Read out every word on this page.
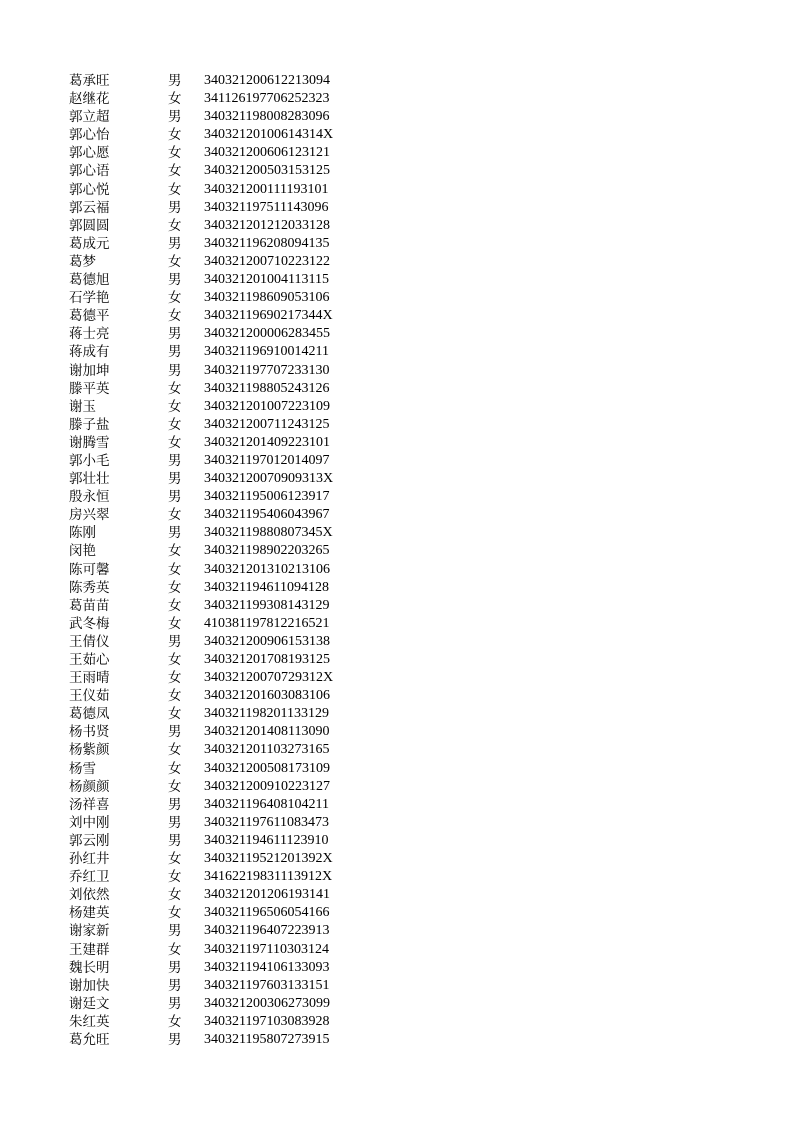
葛承旺	男 340321200612213094
赵继花	女 341126197706252323
郭立超	男 340321198008283096
郭心怡	女 34032120100614314X
郭心愿	女 340321200606123121
郭心语	女 340321200503153125
郭心悦	女 340321200111193101
郭云福	男 340321197511143096
郭圆圆	女 340321201212033128
葛成元	男 340321196208094135
葛梦	女 340321200710223122
葛德旭	男 340321201004113115
石学艳	女 340321198609053106
葛德平	女 34032119690217344X
蒋士亮	男 340321200006283455
蒋成有	男 340321196910014211
谢加坤	男 340321197707233130
滕平英	女 340321198805243126
谢玉	女 340321201007223109
滕子盐	女 340321200711243125
谢腾雪	女 340321201409223101
郭小毛	男 340321197012014097
郭壮壮	男 34032120070909313X
殷永恒	男 340321195006123917
房兴翠	女 340321195406043967
陈刚	男 34032119880807345X
闵艳	女 340321198902203265
陈可馨	女 340321201310213106
陈秀英	女 340321194611094128
葛苗苗	女 340321199308143129
武冬梅	女 410381197812216521
王倩仪	男 340321200906153138
王茹心	女 340321201708193125
王雨晴	女 34032120070729312X
王仪茹	女 340321201603083106
葛德凤	女 340321198201133129
杨书贤	男 340321201408113090
杨紫颜	女 340321201103273165
杨雪	女 340321200508173109
杨颜颜	女 340321200910223127
汤祥喜	男 340321196408104211
刘中刚	男 340321197611083473
郭云刚	男 340321194611123910
孙红井	女 34032119521201392X
乔红卫	女 34162219831113912X
刘依然	女 340321201206193141
杨建英	女 340321196506054166
谢家新	男 340321196407223913
王建群	女 340321197110303124
魏长明	男 340321194106133093
谢加快	男 340321197603133151
谢廷文	男 340321200306273099
朱红英	女 340321197103083928
葛允旺	男 340321195807273915
